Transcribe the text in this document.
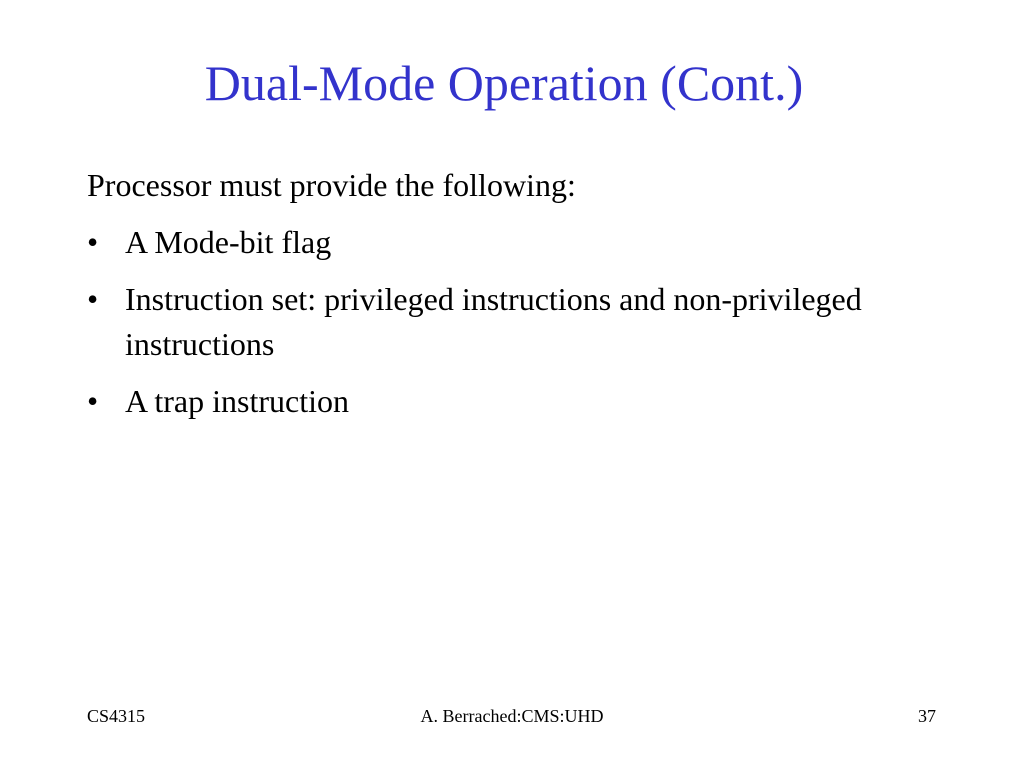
Dual-Mode Operation (Cont.)
Processor must provide the following:
• A Mode-bit flag
• Instruction set: privileged instructions and non-privileged instructions
• A trap instruction
CS4315	A. Berrached:CMS:UHD	37
